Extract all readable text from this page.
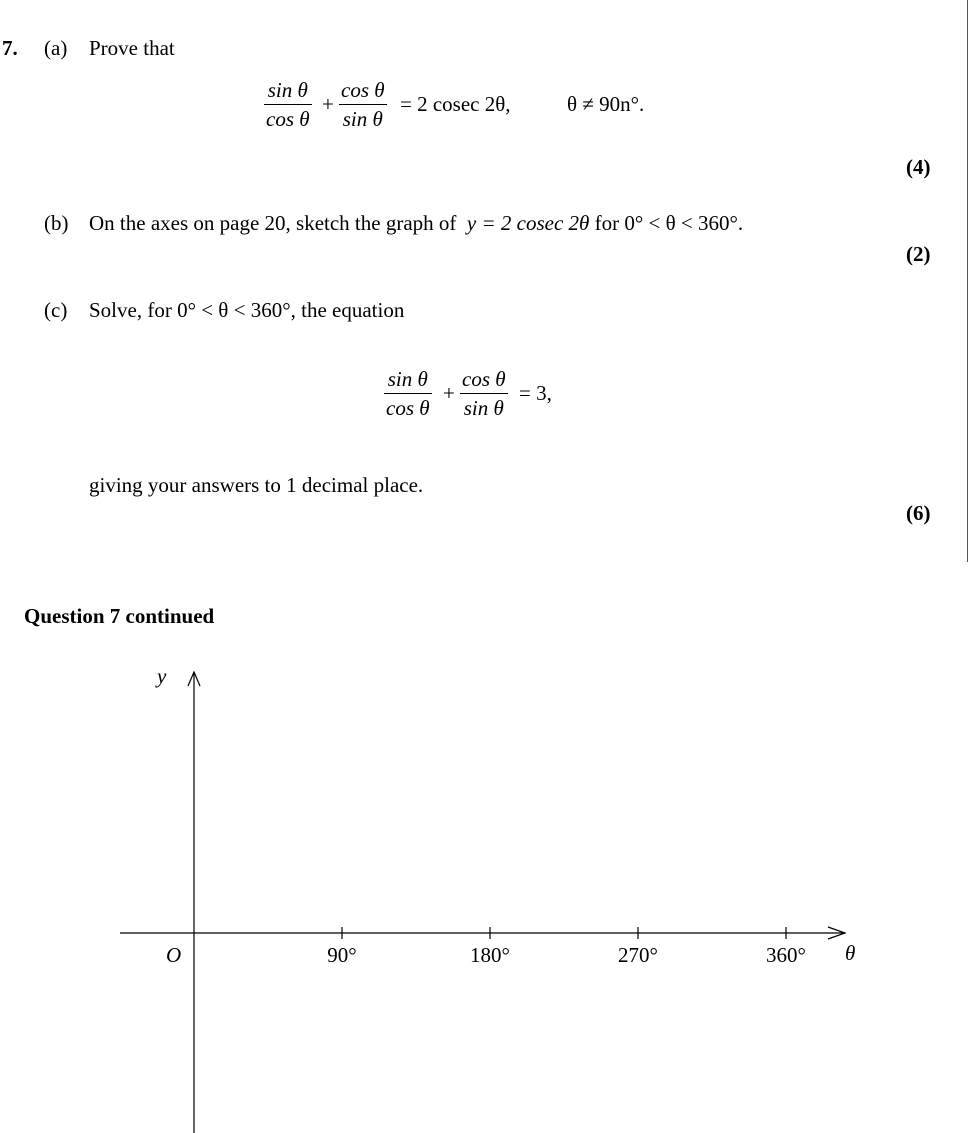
7. (a) Prove that
sin θ
cos θ
+
cos θ
sin θ
= 2 cosec 2θ,	θ ≠ 90n°.
(4)
(b) On the axes on page 20, sketch the graph of y = 2 cosec 2θ for 0° < θ < 360°.
(2)
(c) Solve, for 0° < θ < 360°, the equation
sin θ
cos θ
+
cos θ
sin θ
= 3,
giving your answers to 1 decimal place.
(6)
Question 7 continued
y
O	90°	180°	270°	360° θ
